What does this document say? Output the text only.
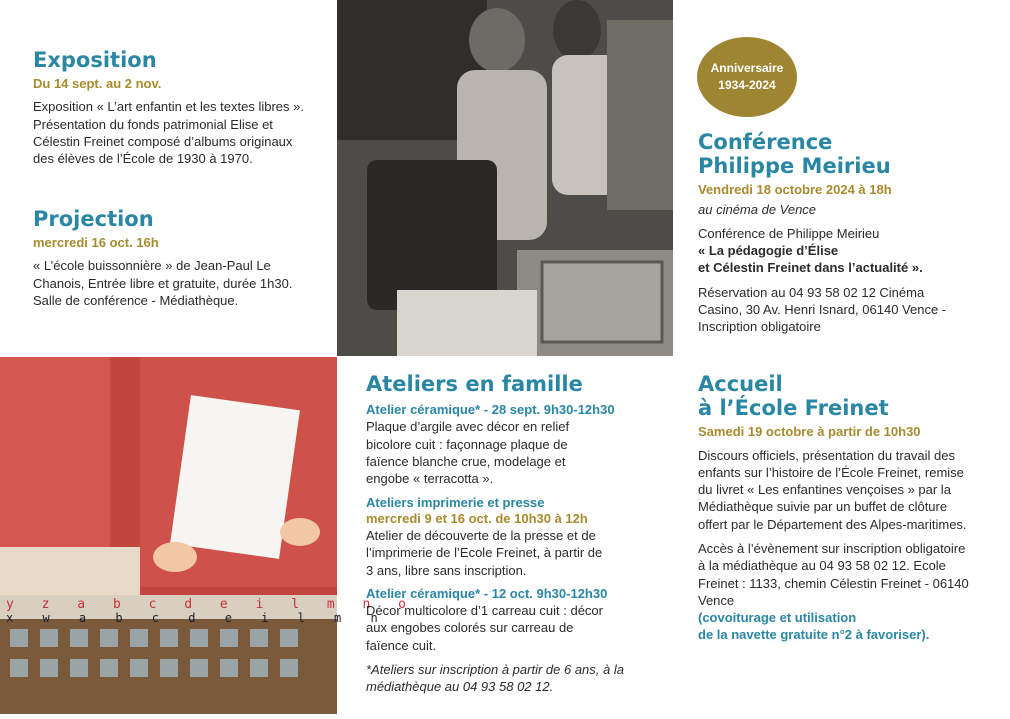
Exposition
Du 14 sept. au 2 nov.

Exposition « L’art enfantin et les textes libres ». Présentation du fonds patrimonial Elise et Célestin Freinet composé d’albums originaux des élèves de l’École de 1930 à 1970.

Projection
mercredi 16 oct. 16h

« L’école buissonnière » de Jean-Paul Le Chanois, Entrée libre et gratuite, durée 1h30. Salle de conférence - Médiathèque.

Anniversaire
1934-2024
Conférence
Philippe Meirieu
Vendredi 18 octobre 2024 à 18h

au cinéma de Vence

Conférence de Philippe Meirieu

« La pédagogie d’Élise

et Célestin Freinet dans l’actualité ».

Réservation au 04 93 58 02 12 Cinéma Casino, 30 Av. Henri Isnard, 06140 Vence - Inscription obligatoire

y z a b c d e i l m n o
x w a b c d e i l m n
Ateliers en famille
Atelier céramique* - 28 sept. 9h30-12h30

Plaque d’argile avec décor en relief bicolore cuit : façonnage plaque de faïence blanche crue, modelage et engobe « terracotta ».

Ateliers imprimerie et presse
mercredi 9 et 16 oct. de 10h30 à 12h

Atelier de découverte de la presse et de l’imprimerie de l’Ecole Freinet, à partir de 3 ans, libre sans inscription.

Atelier céramique* - 12 oct. 9h30-12h30

Décor multicolore d’1 carreau cuit : décor aux engobes colorés sur carreau de faïence cuit.

*Ateliers sur inscription à partir de 6 ans, à la médiathèque au 04 93 58 02 12.

Accueil
à l’École Freinet
Samedi 19 octobre à partir de 10h30

Discours officiels, présentation du travail des enfants sur l’histoire de l’École Freinet, remise du livret « Les enfantines vençoises » par la Médiathèque suivie par un buffet de clôture offert par le Département des Alpes-maritimes.

Accès à l’évènement sur inscription obligatoire à la médiathèque au 04 93 58 02 12. Ecole Freinet : 1133, chemin Célestin Freinet - 06140 Vence

(covoiturage et utilisation

de la navette gratuite n°2 à favoriser).
